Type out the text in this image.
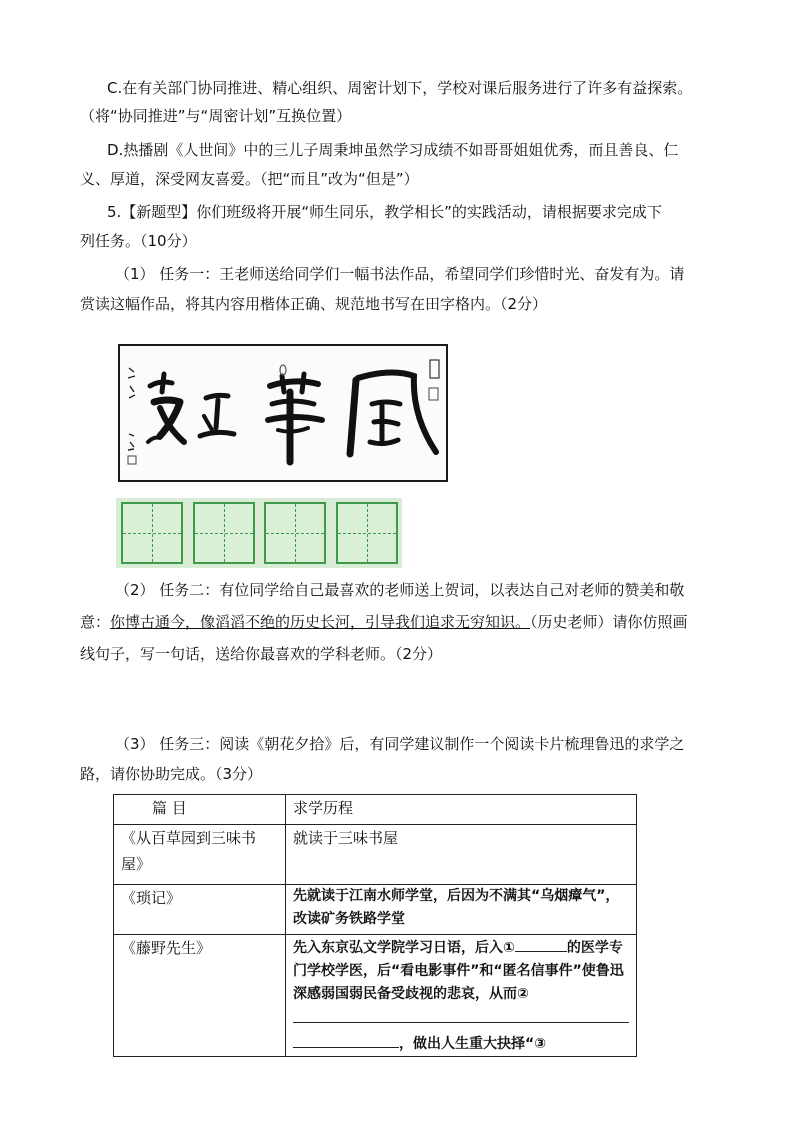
C.在有关部门协同推进、精心组织、周密计划下，学校对课后服务进行了许多有益探索。

（将“协同推进”与“周密计划”互换位置）

D.热播剧《人世间》中的三儿子周秉坤虽然学习成绩不如哥哥姐姐优秀，而且善良、仁

义、厚道，深受网友喜爱。（把“而且”改为“但是”）

5.【新题型】你们班级将开展“师生同乐，教学相长”的实践活动，请根据要求完成下

列任务。（10分）

（1） 任务一：王老师送给同学们一幅书法作品，希望同学们珍惜时光、奋发有为。请

赏读这幅作品，将其内容用楷体正确、规范地书写在田字格内。（2分）

（2） 任务二：有位同学给自己最喜欢的老师送上贺词，以表达自己对老师的赞美和敬

意：你博古通今，像滔滔不绝的历史长河，引导我们追求无穷知识。（历史老师）请你仿照画

线句子，写一句话，送给你最喜欢的学科老师。（2分）

（3） 任务三：阅读《朝花夕拾》后，有同学建议制作一个阅读卡片梳理鲁迅的求学之

路，请你协助完成。（3分）

篇 目	求学历程
《从百草园到三味书屋》	就读于三味书屋
《琐记》	先就读于江南水师学堂，后因为不满其“乌烟瘴气”，改读矿务铁路学堂
《藤野先生》	先入东京弘文学院学习日语，后入① 的医学专门学校学医，后“看电影事件”和“匿名信事件”使鲁迅深感弱国弱民备受歧视的悲哀，从而②

，做出人生重大抉择“③
